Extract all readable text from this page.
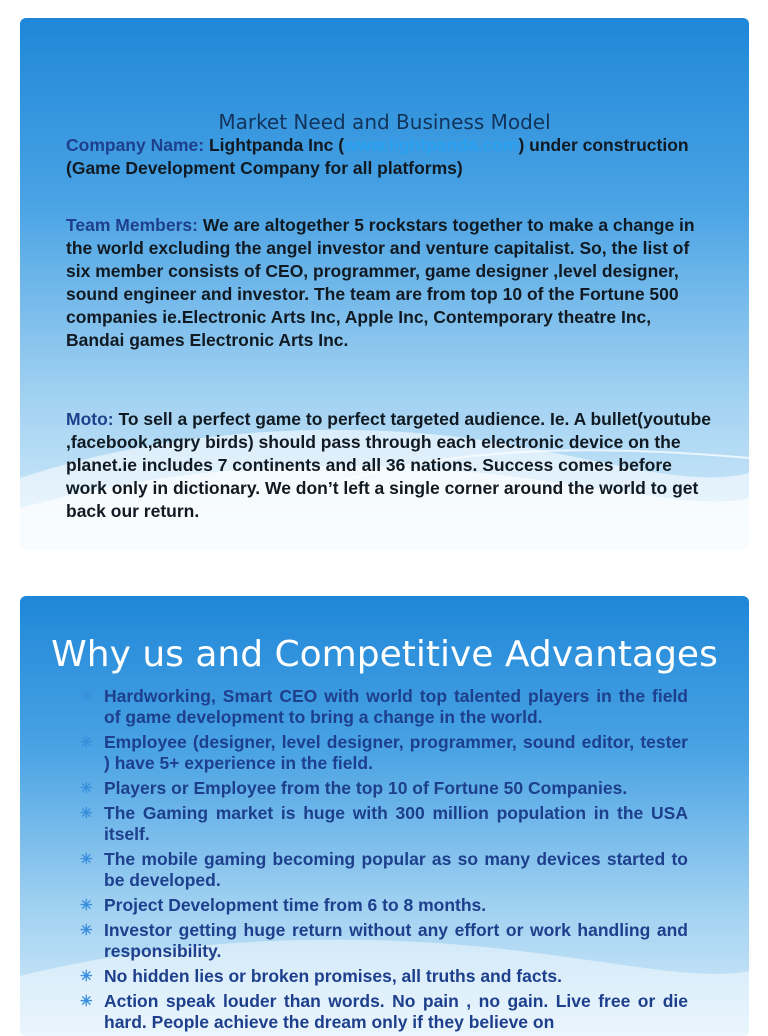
Market Need and Business Model
Company Name: Lightpanda Inc (www.lightpanda.com) under construction (Game Development Company for all platforms)
Team Members: We are altogether 5 rockstars together to make a change in the world excluding the angel investor and venture capitalist. So, the list of six member consists of CEO, programmer, game designer ,level designer, sound engineer and investor. The team are from top 10 of the Fortune 500 companies ie.Electronic Arts Inc, Apple Inc, Contemporary theatre Inc, Bandai games Electronic Arts Inc.
Moto: To sell a perfect game to perfect targeted audience. Ie. A bullet(youtube ,facebook,angry birds) should pass through each electronic device on the planet.ie includes 7 continents and all 36 nations. Success comes before work only in dictionary. We don’t left a single corner around the world to get back our return.
Why us and Competitive Advantages
✳ Hardworking, Smart CEO with world top talented players in the field of game development to bring a change in the world.
✳ Employee (designer, level designer, programmer, sound editor, tester ) have 5+ experience in the field.
✳ Players or Employee from the top 10 of Fortune 50 Companies.
✳ The Gaming market is huge with 300 million population in the USA itself.
✳ The mobile gaming becoming popular as so many devices started to be developed.
✳ Project Development time from 6 to 8 months.
✳ Investor getting huge return without any effort or work handling and responsibility.
✳ No hidden lies or broken promises, all truths and facts.
✳ Action speak louder than words. No pain , no gain. Live free or die hard. People achieve the dream only if they believe on
